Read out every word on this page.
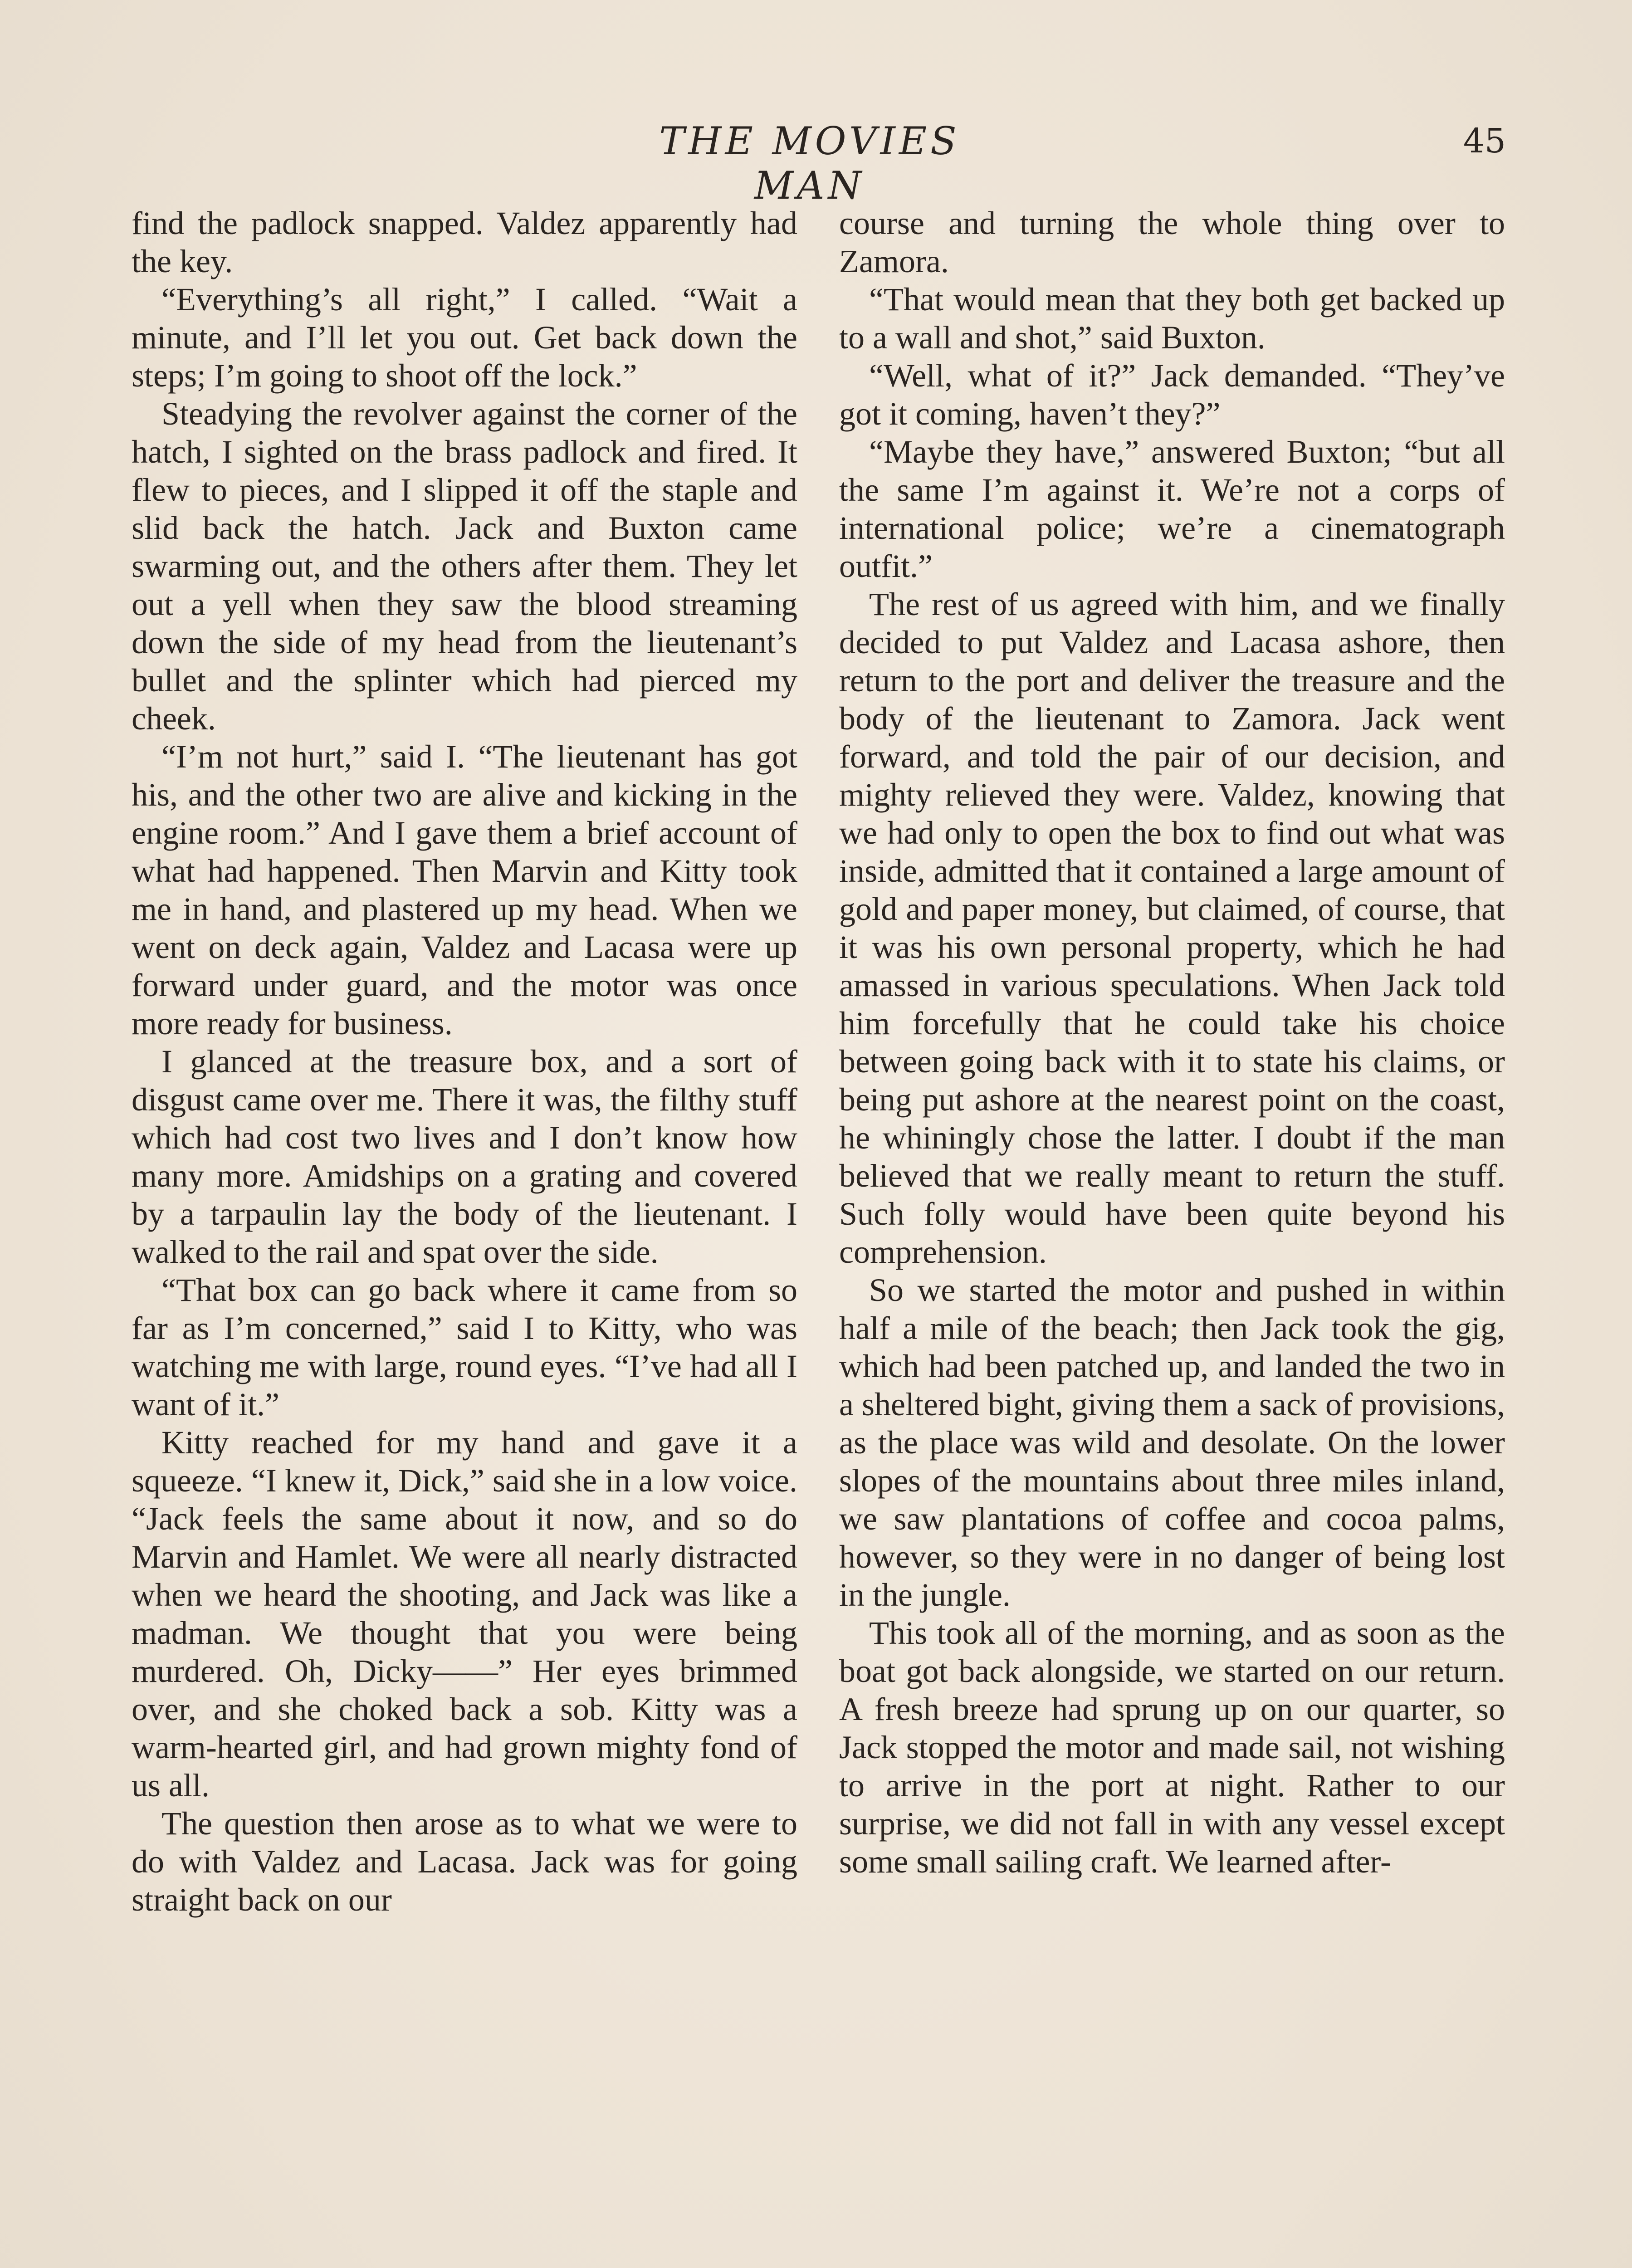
THE MOVIES MAN
45

find the padlock snapped. Valdez apparently had the key.

“Everything’s all right,” I called. “Wait a minute, and I’ll let you out. Get back down the steps; I’m going to shoot off the lock.”

Steadying the revolver against the corner of the hatch, I sighted on the brass padlock and fired. It flew to pieces, and I slipped it off the staple and slid back the hatch. Jack and Buxton came swarming out, and the others after them. They let out a yell when they saw the blood streaming down the side of my head from the lieutenant’s bullet and the splinter which had pierced my cheek.

“I’m not hurt,” said I. “The lieutenant has got his, and the other two are alive and kicking in the engine room.” And I gave them a brief account of what had happened. Then Marvin and Kitty took me in hand, and plastered up my head. When we went on deck again, Valdez and Lacasa were up forward under guard, and the motor was once more ready for business.

I glanced at the treasure box, and a sort of disgust came over me. There it was, the filthy stuff which had cost two lives and I don’t know how many more. Amidships on a grating and covered by a tarpaulin lay the body of the lieutenant. I walked to the rail and spat over the side.

“That box can go back where it came from so far as I’m concerned,” said I to Kitty, who was watching me with large, round eyes. “I’ve had all I want of it.”

Kitty reached for my hand and gave it a squeeze. “I knew it, Dick,” said she in a low voice. “Jack feels the same about it now, and so do Marvin and Hamlet. We were all nearly distracted when we heard the shooting, and Jack was like a madman. We thought that you were being murdered. Oh, Dicky——” Her eyes brimmed over, and she choked back a sob. Kitty was a warm-hearted girl, and had grown mighty fond of us all.

The question then arose as to what we were to do with Valdez and Lacasa. Jack was for going straight back on our

course and turning the whole thing over to Zamora.

“That would mean that they both get backed up to a wall and shot,” said Buxton.

“Well, what of it?” Jack demanded. “They’ve got it coming, haven’t they?”

“Maybe they have,” answered Buxton; “but all the same I’m against it. We’re not a corps of international police; we’re a cinematograph outfit.”

The rest of us agreed with him, and we finally decided to put Valdez and Lacasa ashore, then return to the port and deliver the treasure and the body of the lieutenant to Zamora. Jack went forward, and told the pair of our decision, and mighty relieved they were. Valdez, knowing that we had only to open the box to find out what was inside, admitted that it contained a large amount of gold and paper money, but claimed, of course, that it was his own personal property, which he had amassed in various speculations. When Jack told him forcefully that he could take his choice between going back with it to state his claims, or being put ashore at the nearest point on the coast, he whiningly chose the latter. I doubt if the man believed that we really meant to return the stuff. Such folly would have been quite beyond his comprehension.

So we started the motor and pushed in within half a mile of the beach; then Jack took the gig, which had been patched up, and landed the two in a sheltered bight, giving them a sack of provisions, as the place was wild and desolate. On the lower slopes of the mountains about three miles inland, we saw plantations of coffee and cocoa palms, however, so they were in no danger of being lost in the jungle.

This took all of the morning, and as soon as the boat got back alongside, we started on our return. A fresh breeze had sprung up on our quarter, so Jack stopped the motor and made sail, not wishing to arrive in the port at night. Rather to our surprise, we did not fall in with any vessel except some small sailing craft. We learned after-
